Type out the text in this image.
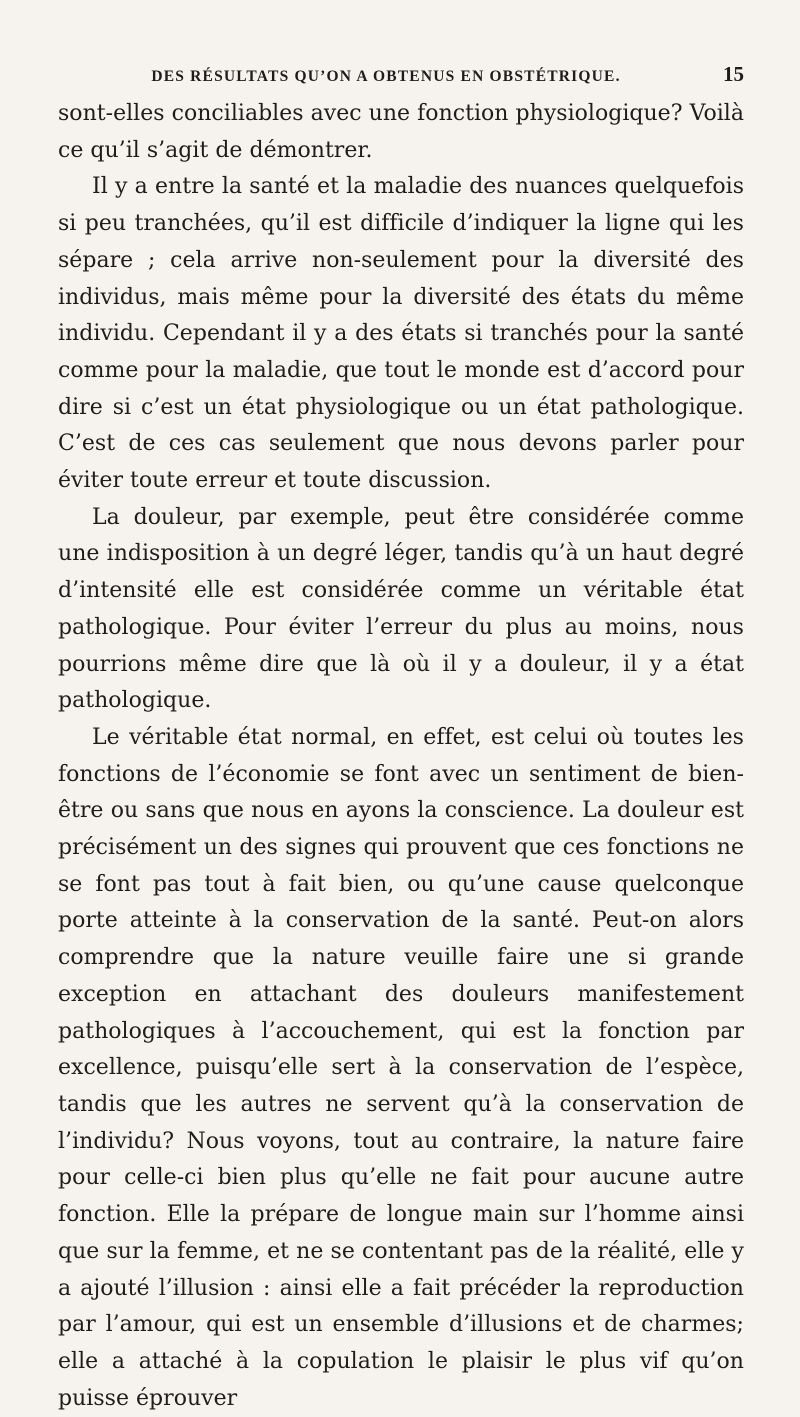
DES RÉSULTATS QU’ON A OBTENUS EN OBSTÉTRIQUE.	15

sont-elles conciliables avec une fonction physiologique? Voilà ce qu’il s’agit de démontrer.

Il y a entre la santé et la maladie des nuances quelquefois si peu tranchées, qu’il est difficile d’indiquer la ligne qui les sépare ; cela arrive non-seulement pour la diversité des individus, mais même pour la diversité des états du même individu. Cependant il y a des états si tranchés pour la santé comme pour la maladie, que tout le monde est d’accord pour dire si c’est un état physiologique ou un état pathologique. C’est de ces cas seulement que nous devons parler pour éviter toute erreur et toute discussion.

La douleur, par exemple, peut être considérée comme une indisposition à un degré léger, tandis qu’à un haut degré d’intensité elle est considérée comme un véritable état pathologique. Pour éviter l’erreur du plus au moins, nous pourrions même dire que là où il y a douleur, il y a état pathologique.

Le véritable état normal, en effet, est celui où toutes les fonctions de l’économie se font avec un sentiment de bien-être ou sans que nous en ayons la conscience. La douleur est précisément un des signes qui prouvent que ces fonctions ne se font pas tout à fait bien, ou qu’une cause quelconque porte atteinte à la conservation de la santé. Peut-on alors comprendre que la nature veuille faire une si grande exception en attachant des douleurs manifestement pathologiques à l’accouchement, qui est la fonction par excellence, puisqu’elle sert à la conservation de l’espèce, tandis que les autres ne servent qu’à la conservation de l’individu? Nous voyons, tout au contraire, la nature faire pour celle-ci bien plus qu’elle ne fait pour aucune autre fonction. Elle la prépare de longue main sur l’homme ainsi que sur la femme, et ne se contentant pas de la réalité, elle y a ajouté l’illusion : ainsi elle a fait précéder la reproduction par l’amour, qui est un ensemble d’illusions et de charmes; elle a attaché à la copulation le plaisir le plus vif qu’on puisse éprouver
